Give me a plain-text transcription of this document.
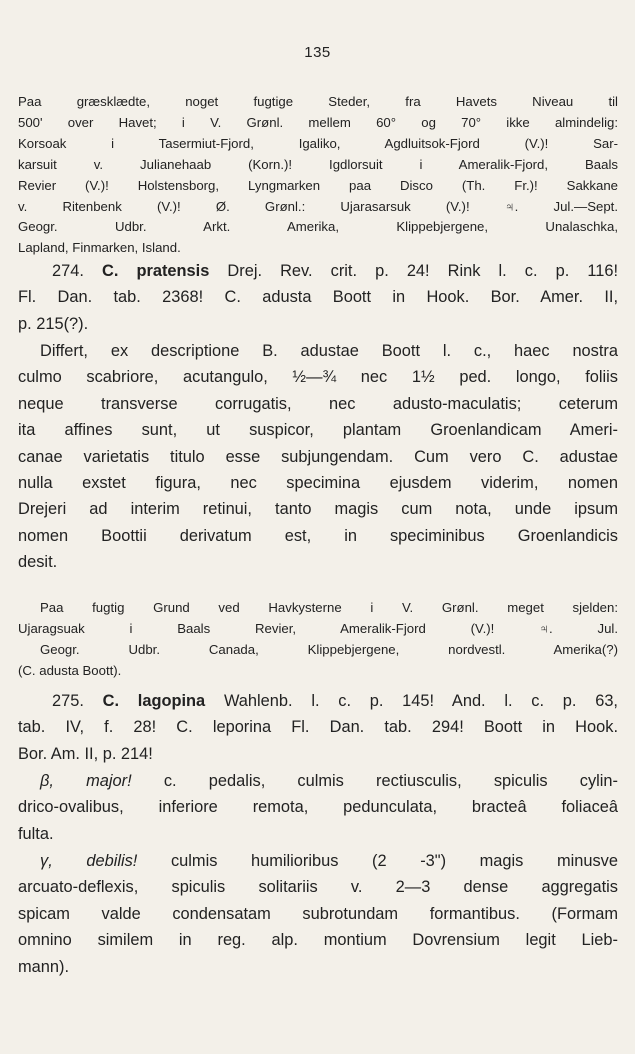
135
Paa græsklædte, noget fugtige Steder, fra Havets Niveau til
500' over Havet; i V. Grønl. mellem 60° og 70° ikke almindelig:
Korsoak i Tasermiut-Fjord, Igaliko, Agdluitsok-Fjord (V.)! Sar-
karsuit v. Julianehaab (Korn.)! Igdlorsuit i Ameralik-Fjord, Baals
Revier (V.)! Holstensborg, Lyngmarken paa Disco (Th. Fr.)! Sakkane
v. Ritenbenk (V.)! Ø. Grønl.: Ujarasarsuk (V.)! ♃. Jul.—Sept.
Geogr. Udbr. Arkt. Amerika, Klippebjergene, Unalaschka,
Lapland, Finmarken, Island.
274. C. pratensis Drej. Rev. crit. p. 24! Rink l. c. p. 116!
Fl. Dan. tab. 2368! C. adusta Boott in Hook. Bor. Amer. II,
p. 215(?).
Differt, ex descriptione B. adustae Boott l. c., haec nostra
culmo scabriore, acutangulo, ½—¾ nec 1½ ped. longo, foliis
neque transverse corrugatis, nec adusto-maculatis; ceterum
ita affines sunt, ut suspicor, plantam Groenlandicam Ameri-
canae varietatis titulo esse subjungendam. Cum vero C. adustae
nulla exstet figura, nec specimina ejusdem viderim, nomen
Drejeri ad interim retinui, tanto magis cum nota, unde ipsum
nomen Boottii derivatum est, in speciminibus Groenlandicis
desit.
Paa fugtig Grund ved Havkysterne i V. Grønl. meget sjelden:
Ujaragsuak i Baals Revier, Ameralik-Fjord (V.)! ♃. Jul.
Geogr. Udbr. Canada, Klippebjergene, nordvestl. Amerika(?)
(C. adusta Boott).
275. C. lagopina Wahlenb. l. c. p. 145! And. l. c. p. 63,
tab. IV, f. 28! C. leporina Fl. Dan. tab. 294! Boott in Hook.
Bor. Am. II, p. 214!
β, major! c. pedalis, culmis rectiusculis, spiculis cylin-
drico-ovalibus, inferiore remota, pedunculata, bracteâ foliaceâ
fulta.
γ, debilis! culmis humilioribus (2 -3") magis minusve
arcuato-deflexis, spiculis solitariis v. 2—3 dense aggregatis
spicam valde condensatam subrotundam formantibus. (Formam
omnino similem in reg. alp. montium Dovrensium legit Lieb-
mann).
